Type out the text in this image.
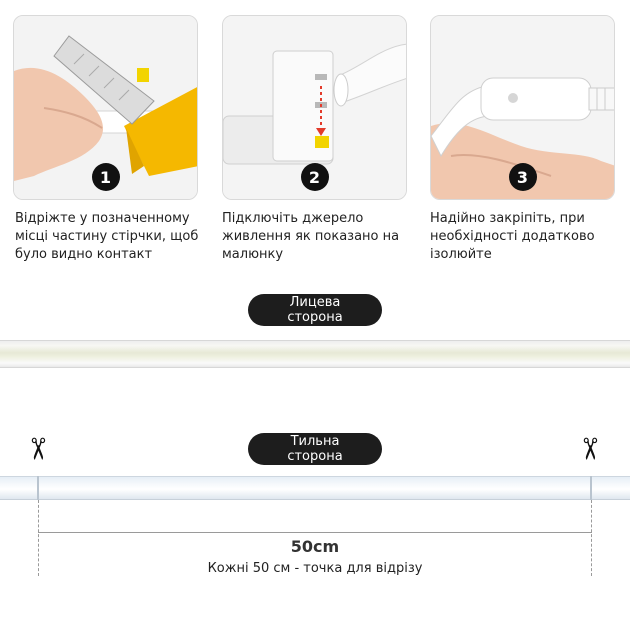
1	2	3
Відріжте у позначенному місці частину стірчки, щоб було видно контакт
Підключіть джерело живлення як показано на малюнку
Надійно закріпіть, при необхідності додатково ізолюйте
Лицева
сторона
Тильна
сторона
✂	✂
50cm
Кожні 50 см - точка для відрізу
